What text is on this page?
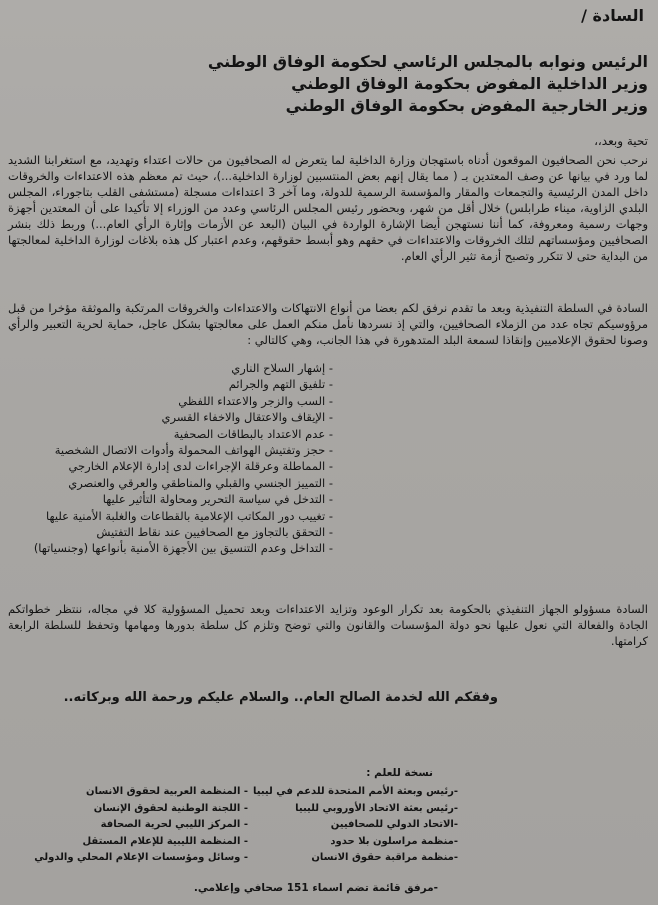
السادة /
الرئيس ونوابه بالمجلس الرئاسي لحكومة الوفاق الوطني
وزير الداخلية المفوض بحكومة الوفاق الوطني
وزير الخارجية المفوض بحكومة الوفاق الوطني
تحية وبعد،،
نرحب نحن الصحافيون الموقعون أدناه باستهجان وزارة الداخلية لما يتعرض له الصحافيون من حالات اعتداء وتهديد، مع استغرابنا الشديد لما ورد في بيانها عن وصف المعتدين بـ ( مما يقال إنهم بعض المنتسبين لوزارة الداخلية...)، حيث تم معظم هذه الاعتداءات والخروقات داخل المدن الرئيسية والتجمعات والمقار والمؤسسة الرسمية للدولة، وما آخر 3 اعتداءات مسجلة (مستشفى القلب بتاجوراء، المجلس البلدي الزاوية، ميناء طرابلس) خلال أقل من شهر، وبحضور رئيس المجلس الرئاسي وعدد من الوزراء إلا تأكيدا على أن المعتدين أجهزة وجهات رسمية ومعروفة، كما أننا نستهجن أيضا الإشارة الواردة في البيان (البعد عن الأزمات وإثارة الرأي العام...) وربط ذلك بنشر الصحافيين ومؤسساتهم لتلك الخروقات والاعتداءات في حقهم وهو أبسط حقوقهم، وعدم اعتبار كل هذه بلاغات لوزارة الداخلية لمعالجتها من البداية حتى لا تتكرر وتصبح أزمة تثير الرأي العام.
السادة في السلطة التنفيذية وبعد ما تقدم نرفق لكم بعضا من أنواع الانتهاكات والاعتداءات والخروقات المرتكبة والموثقة مؤخرا من قبل مرؤوسيكم تجاه عدد من الزملاء الصحافيين، والتي إذ نسردها نأمل منكم العمل على معالجتها بشكل عاجل، حماية لحرية التعبير والرأي وصونا لحقوق الإعلاميين وإنقاذا لسمعة البلد المتدهورة في هذا الجانب، وهي كالتالي :
- إشهار السلاح الناري
- تلفيق التهم والجرائم
- السب والزجر والاعتداء اللفظي
- الإيقاف والاعتقال والاخفاء القسري
- عدم الاعتداد بالبطاقات الصحفية
- حجز وتفتيش الهواتف المحمولة وأدوات الاتصال الشخصية
- المماطلة وعرقلة الإجراءات لدى إدارة الإعلام الخارجي
- التمييز الجنسي والقبلي والمناطقي والعرقي والعنصري
- التدخل في سياسة التحرير ومحاولة التأثير عليها
- تغييب دور المكاتب الإعلامية بالقطاعات والغلبة الأمنية عليها
- التحقق بالتجاوز مع الصحافيين عند نقاط التفتيش
- التداخل وعدم التنسيق بين الأجهزة الأمنية بأنواعها (وجنسياتها)
السادة مسؤولو الجهاز التنفيذي بالحكومة بعد تكرار الوعود وتزايد الاعتداءات وبعد تحميل المسؤولية كلا في مجاله، ننتظر خطواتكم الجادة والفعالة التي نعول عليها نحو دولة المؤسسات والقانون والتي توضح وتلزم كل سلطة بدورها ومهامها وتحفظ للسلطة الرابعة كرامتها.
وفقكم الله لخدمة الصالح العام.. والسلام عليكم ورحمة الله وبركاته..
نسخة للعلم :
-رئيس وبعثة الأمم المتحدة للدعم في ليبيا
-رئيس بعثة الاتحاد الأوروبي لليبيا
-الاتحاد الدولي للصحافيين
-منظمة مراسلون بلا حدود
-منظمة مراقبة حقوق الانسان
- المنظمة العربية لحقوق الانسان
- اللجنة الوطنية لحقوق الإنسان
- المركز الليبي لحرية الصحافة
- المنظمة الليبية للإعلام المستقل
- وسائل ومؤسسات الإعلام المحلي والدولي
-مرفق قائمة تضم اسماء 151 صحافي وإعلامي.
